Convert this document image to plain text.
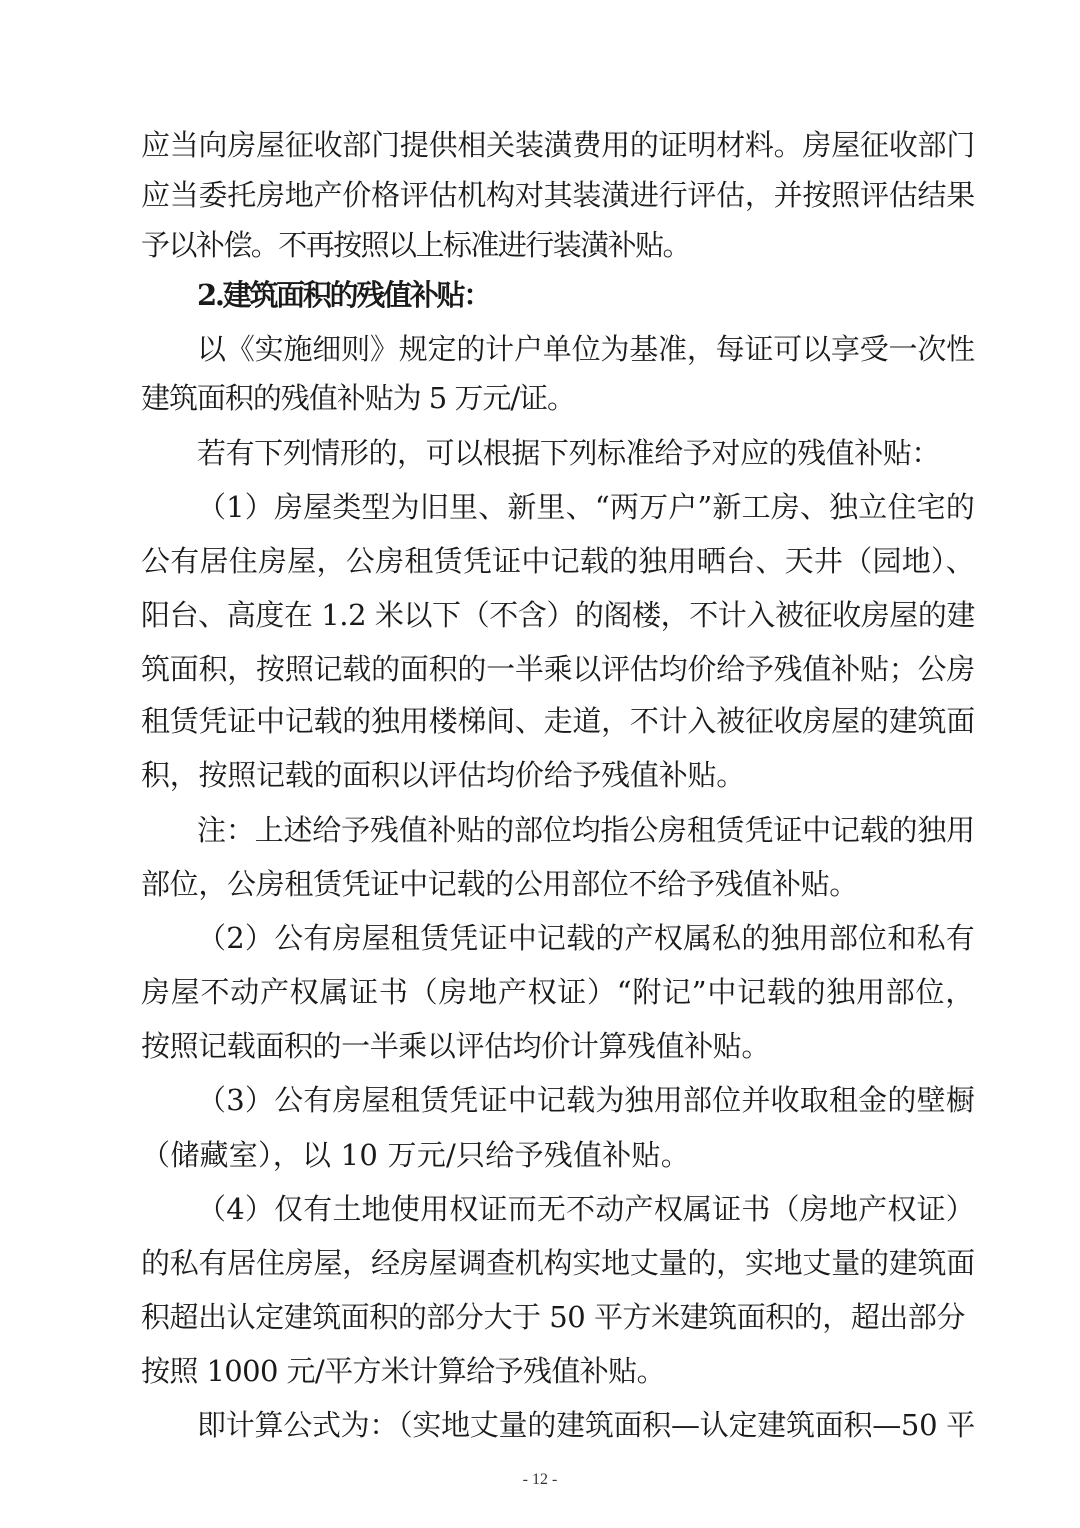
应当向房屋征收部门提供相关装潢费用的证明材料。房屋征收部门
应当委托房地产价格评估机构对其装潢进行评估，并按照评估结果
予以补偿。不再按照以上标准进行装潢补贴。
2.建筑面积的残值补贴：
以《实施细则》规定的计户单位为基准，每证可以享受一次性
建筑面积的残值补贴为 5 万元/证。
若有下列情形的，可以根据下列标准给予对应的残值补贴：
（1）房屋类型为旧里、新里、“两万户”新工房、独立住宅的
公有居住房屋，公房租赁凭证中记载的独用晒台、天井（园地）、
阳台、高度在 1.2 米以下（不含）的阁楼，不计入被征收房屋的建
筑面积，按照记载的面积的一半乘以评估均价给予残值补贴；公房
租赁凭证中记载的独用楼梯间、走道，不计入被征收房屋的建筑面
积，按照记载的面积以评估均价给予残值补贴。
注：上述给予残值补贴的部位均指公房租赁凭证中记载的独用
部位，公房租赁凭证中记载的公用部位不给予残值补贴。
（2）公有房屋租赁凭证中记载的产权属私的独用部位和私有
房屋不动产权属证书（房地产权证）“附记”中记载的独用部位，
按照记载面积的一半乘以评估均价计算残值补贴。
（3）公有房屋租赁凭证中记载为独用部位并收取租金的壁橱
（储藏室），以 10 万元/只给予残值补贴。
（4）仅有土地使用权证而无不动产权属证书（房地产权证）
的私有居住房屋，经房屋调查机构实地丈量的，实地丈量的建筑面
积超出认定建筑面积的部分大于 50 平方米建筑面积的，超出部分
按照 1000 元/平方米计算给予残值补贴。
即计算公式为：（实地丈量的建筑面积—认定建筑面积—50 平
- 12 -
